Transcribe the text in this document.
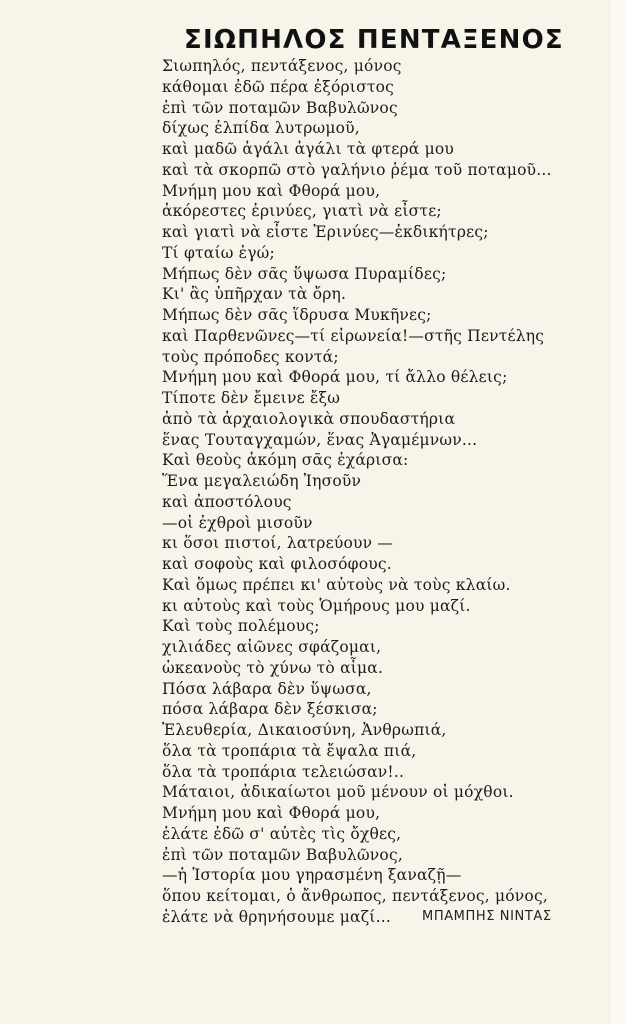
ΣΙΩΠΗΛΟΣ ΠΕΝΤΑΞΕΝΟΣ
Σιωπηλός, πεντάξενος, μόνος
κάθομαι ἐδῶ πέρα ἐξόριστος
ἐπὶ τῶν ποταμῶν Βαβυλῶνος
δίχως ἐλπίδα λυτρωμοῦ,
καὶ μαδῶ ἀγάλι ἀγάλι τὰ φτερά μου
καὶ τὰ σκορπῶ στὸ γαλήνιο ῥέμα τοῦ ποταμοῦ...
Μνήμη μου καὶ Φθορά μου,
ἀκόρεστες ἐρινύες, γιατὶ νὰ εἶστε;
καὶ γιατὶ νὰ εἶστε Ἐρινύες—ἐκδικήτρες;
Τί φταίω ἐγώ;
Μήπως δὲν σᾶς ὕψωσα Πυραμίδες;
Κι' ἂς ὑπῆρχαν τὰ ὄρη.
Μήπως δὲν σᾶς ἵδρυσα Μυκῆνες;
καὶ Παρθενῶνες—τί εἰρωνεία!—στῆς Πεντέλης
τοὺς πρόποδες κοντά;
Μνήμη μου καὶ Φθορά μου, τί ἄλλο θέλεις;
Τίποτε δὲν ἔμεινε ἔξω
ἀπὸ τὰ ἀρχαιολογικὰ σπουδαστήρια
ἕνας Τουταγχαμών, ἕνας Ἀγαμέμνων...
Καὶ θεοὺς ἀκόμη σᾶς ἐχάρισα:
Ἕνα μεγαλειώδη Ἰησοῦν
καὶ ἀποστόλους
—οἱ ἐχθροὶ μισοῦν
κι ὅσοι πιστοί, λατρεύουν —
καὶ σοφοὺς καὶ φιλοσόφους.
Καὶ ὅμως πρέπει κι' αὐτοὺς νὰ τοὺς κλαίω.
κι αὐτοὺς καὶ τοὺς Ὁμήρους μου μαζί.
Καὶ τοὺς πολέμους;
χιλιάδες αἰῶνες σφάζομαι,
ὠκεανοὺς τὸ χύνω τὸ αἷμα.
Πόσα λάβαρα δὲν ὕψωσα,
πόσα λάβαρα δὲν ξέσκισα;
Ἐλευθερία, Δικαιοσύνη, Ἀνθρωπιά,
ὅλα τὰ τροπάρια τὰ ἔψαλα πιά,
ὅλα τὰ τροπάρια τελειώσαν!..
Μάταιοι, ἀδικαίωτοι μοῦ μένουν οἱ μόχθοι.
Μνήμη μου καὶ Φθορά μου,
ἐλάτε ἐδῶ σ' αὐτὲς τὶς ὄχθες,
ἐπὶ τῶν ποταμῶν Βαβυλῶνος,
—ἡ Ἱστορία μου γηρασμένη ξαναζῇ—
ὅπου κείτομαι, ὁ ἄνθρωπος, πεντάξενος, μόνος,
ἐλάτε νὰ θρηνήσουμε μαζί...	ΜΠΑΜΠΗΣ ΝΙΝΤΑΣ
